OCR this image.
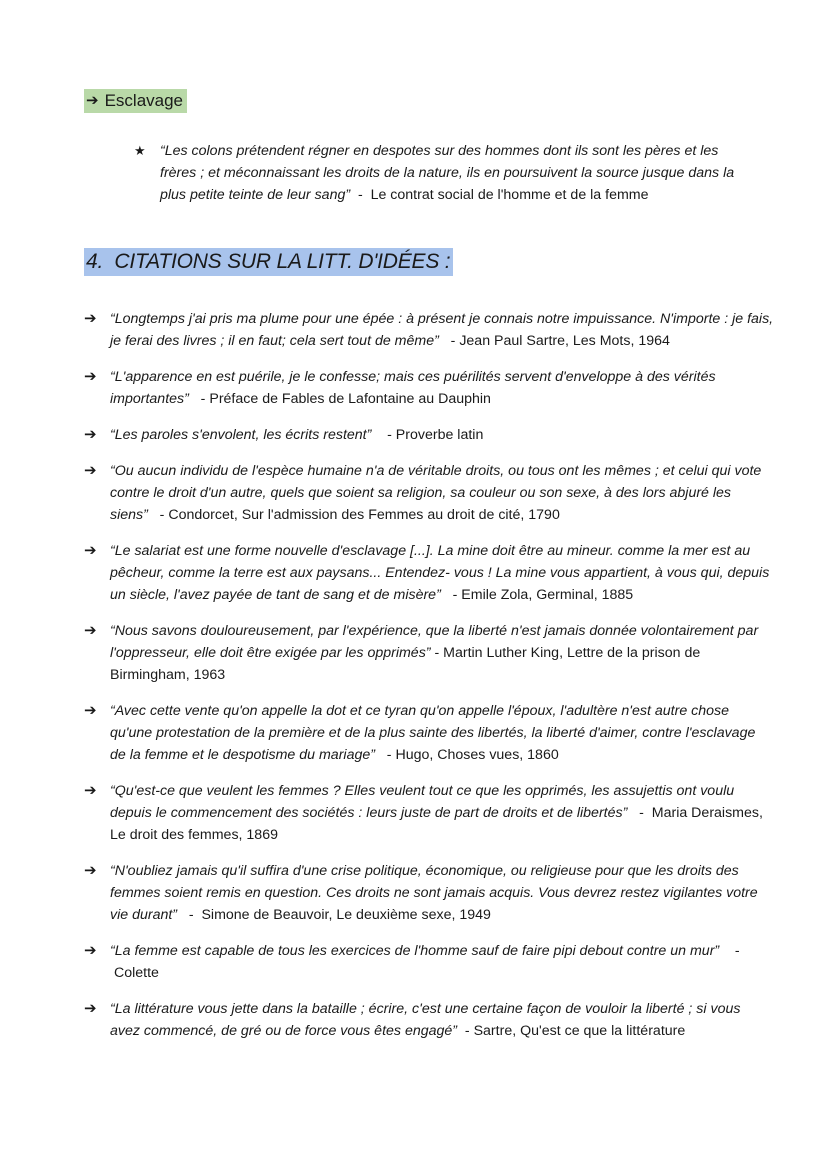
➔ Esclavage
★ “Les colons prétendent régner en despotes sur des hommes dont ils sont les pères et les frères ; et méconnaissant les droits de la nature, ils en poursuivent la source jusque dans la plus petite teinte de leur sang”  -  Le contrat social de l'homme et de la femme
4. CITATIONS SUR LA LITT. D'IDÉES :
➔ “Longtemps j'ai pris ma plume pour une épée : à présent je connais notre impuissance. N'importe : je fais, je ferai des livres ; il en faut; cela sert tout de même”   - Jean Paul Sartre, Les Mots, 1964
➔ “L'apparence en est puérile, je le confesse; mais ces puérilités servent d'enveloppe à des vérités importantes”   - Préface de Fables de Lafontaine au Dauphin
➔ “Les paroles s'envolent, les écrits restent”    - Proverbe latin
➔ “Ou aucun individu de l'espèce humaine n'a de véritable droits, ou tous ont les mêmes ; et celui qui vote contre le droit d'un autre, quels que soient sa religion, sa couleur ou son sexe, à des lors abjuré les siens”   - Condorcet, Sur l'admission des Femmes au droit de cité, 1790
➔ “Le salariat est une forme nouvelle d'esclavage [...]. La mine doit être au mineur. comme la mer est au pêcheur, comme la terre est aux paysans... Entendez- vous ! La mine vous appartient, à vous qui, depuis un siècle, l'avez payée de tant de sang et de misère”   - Emile Zola, Germinal, 1885
➔ “Nous savons douloureusement, par l'expérience, que la liberté n'est jamais donnée volontairement par l'oppresseur, elle doit être exigée par les opprimés” - Martin Luther King, Lettre de la prison de Birmingham, 1963
➔ “Avec cette vente qu'on appelle la dot et ce tyran qu'on appelle l'époux, l'adultère n'est autre chose qu'une protestation de la première et de la plus sainte des libertés, la liberté d'aimer, contre l'esclavage de la femme et le despotisme du mariage”   - Hugo, Choses vues, 1860
➔ “Qu'est-ce que veulent les femmes ? Elles veulent tout ce que les opprimés, les assujettis ont voulu depuis le commencement des sociétés : leurs juste de part de droits et de libertés”   -  Maria Deraismes, Le droit des femmes, 1869
➔ “N'oubliez jamais qu'il suffira d'une crise politique, économique, ou religieuse pour que les droits des femmes soient remis en question. Ces droits ne sont jamais acquis. Vous devrez restez vigilantes votre vie durant”   -  Simone de Beauvoir, Le deuxième sexe, 1949
➔ “La femme est capable de tous les exercices de l'homme sauf de faire pipi debout contre un mur”    - Colette
➔ “La littérature vous jette dans la bataille ; écrire, c'est une certaine façon de vouloir la liberté ; si vous avez commencé, de gré ou de force vous êtes engagé”  - Sartre, Qu'est ce que la littérature
